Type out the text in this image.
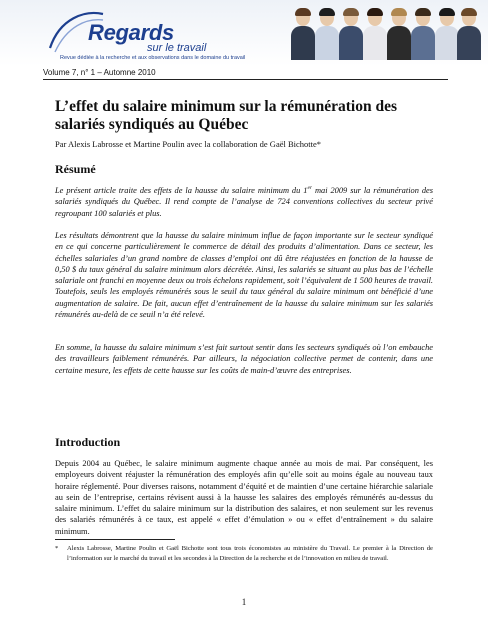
Regards
sur le travail
Revue dédiée à la recherche et aux observations dans le domaine du travail
Volume 7, n° 1 – Automne 2010
L’effet du salaire minimum sur la rémunération des salariés syndiqués au Québec
Par Alexis Labrosse et Martine Poulin avec la collaboration de Gaël Bichotte*
Résumé

Le présent article traite des effets de la hausse du salaire minimum du 1er mai 2009 sur la rémunération des salariés syndiqués du Québec. Il rend compte de l’analyse de 724 conventions collectives du secteur privé regroupant 100 salariés et plus.

Les résultats démontrent que la hausse du salaire minimum influe de façon importante sur le secteur syndiqué en ce qui concerne particulièrement le commerce de détail des produits d’alimentation. Dans ce secteur, les échelles salariales d’un grand nombre de classes d’emploi ont dû être réajustées en fonction de la hausse de 0,50 $ du taux général du salaire minimum alors décrétée. Ainsi, les salariés se situant au plus bas de l’échelle salariale ont franchi en moyenne deux ou trois échelons rapidement, soit l’équivalent de 1 500 heures de travail. Toutefois, seuls les employés rémunérés sous le seuil du taux général du salaire minimum ont bénéficié d’une augmentation de salaire. De fait, aucun effet d’entraînement de la hausse du salaire minimum sur les salariés rémunérés au-delà de ce seuil n’a été relevé.

En somme, la hausse du salaire minimum s’est fait surtout sentir dans les secteurs syndiqués où l’on embauche des travailleurs faiblement rémunérés. Par ailleurs, la négociation collective permet de contenir, dans une certaine mesure, les effets de cette hausse sur les coûts de main-d’œuvre des entreprises.

Introduction

Depuis 2004 au Québec, le salaire minimum augmente chaque année au mois de mai. Par conséquent, les employeurs doivent réajuster la rémunération des employés afin qu’elle soit au moins égale au nouveau taux horaire réglementé. Pour diverses raisons, notamment d’équité et de maintien d’une certaine hiérarchie salariale au sein de l’entreprise, certains révisent aussi à la hausse les salaires des employés rémunérés au-dessus du salaire minimum. L’effet du salaire minimum sur la distribution des salaires, et non seulement sur les revenus des salariés rémunérés à ce taux, est appelé « effet d’émulation » ou « effet d’entraînement » du salaire minimum.

*	Alexis Labrosse, Martine Poulin et Gaël Bichotte sont tous trois économistes au ministère du Travail. Le premier à la Direction de l’information sur le marché du travail et les secondes à la Direction de la recherche et de l’innovation en milieu de travail.
1
